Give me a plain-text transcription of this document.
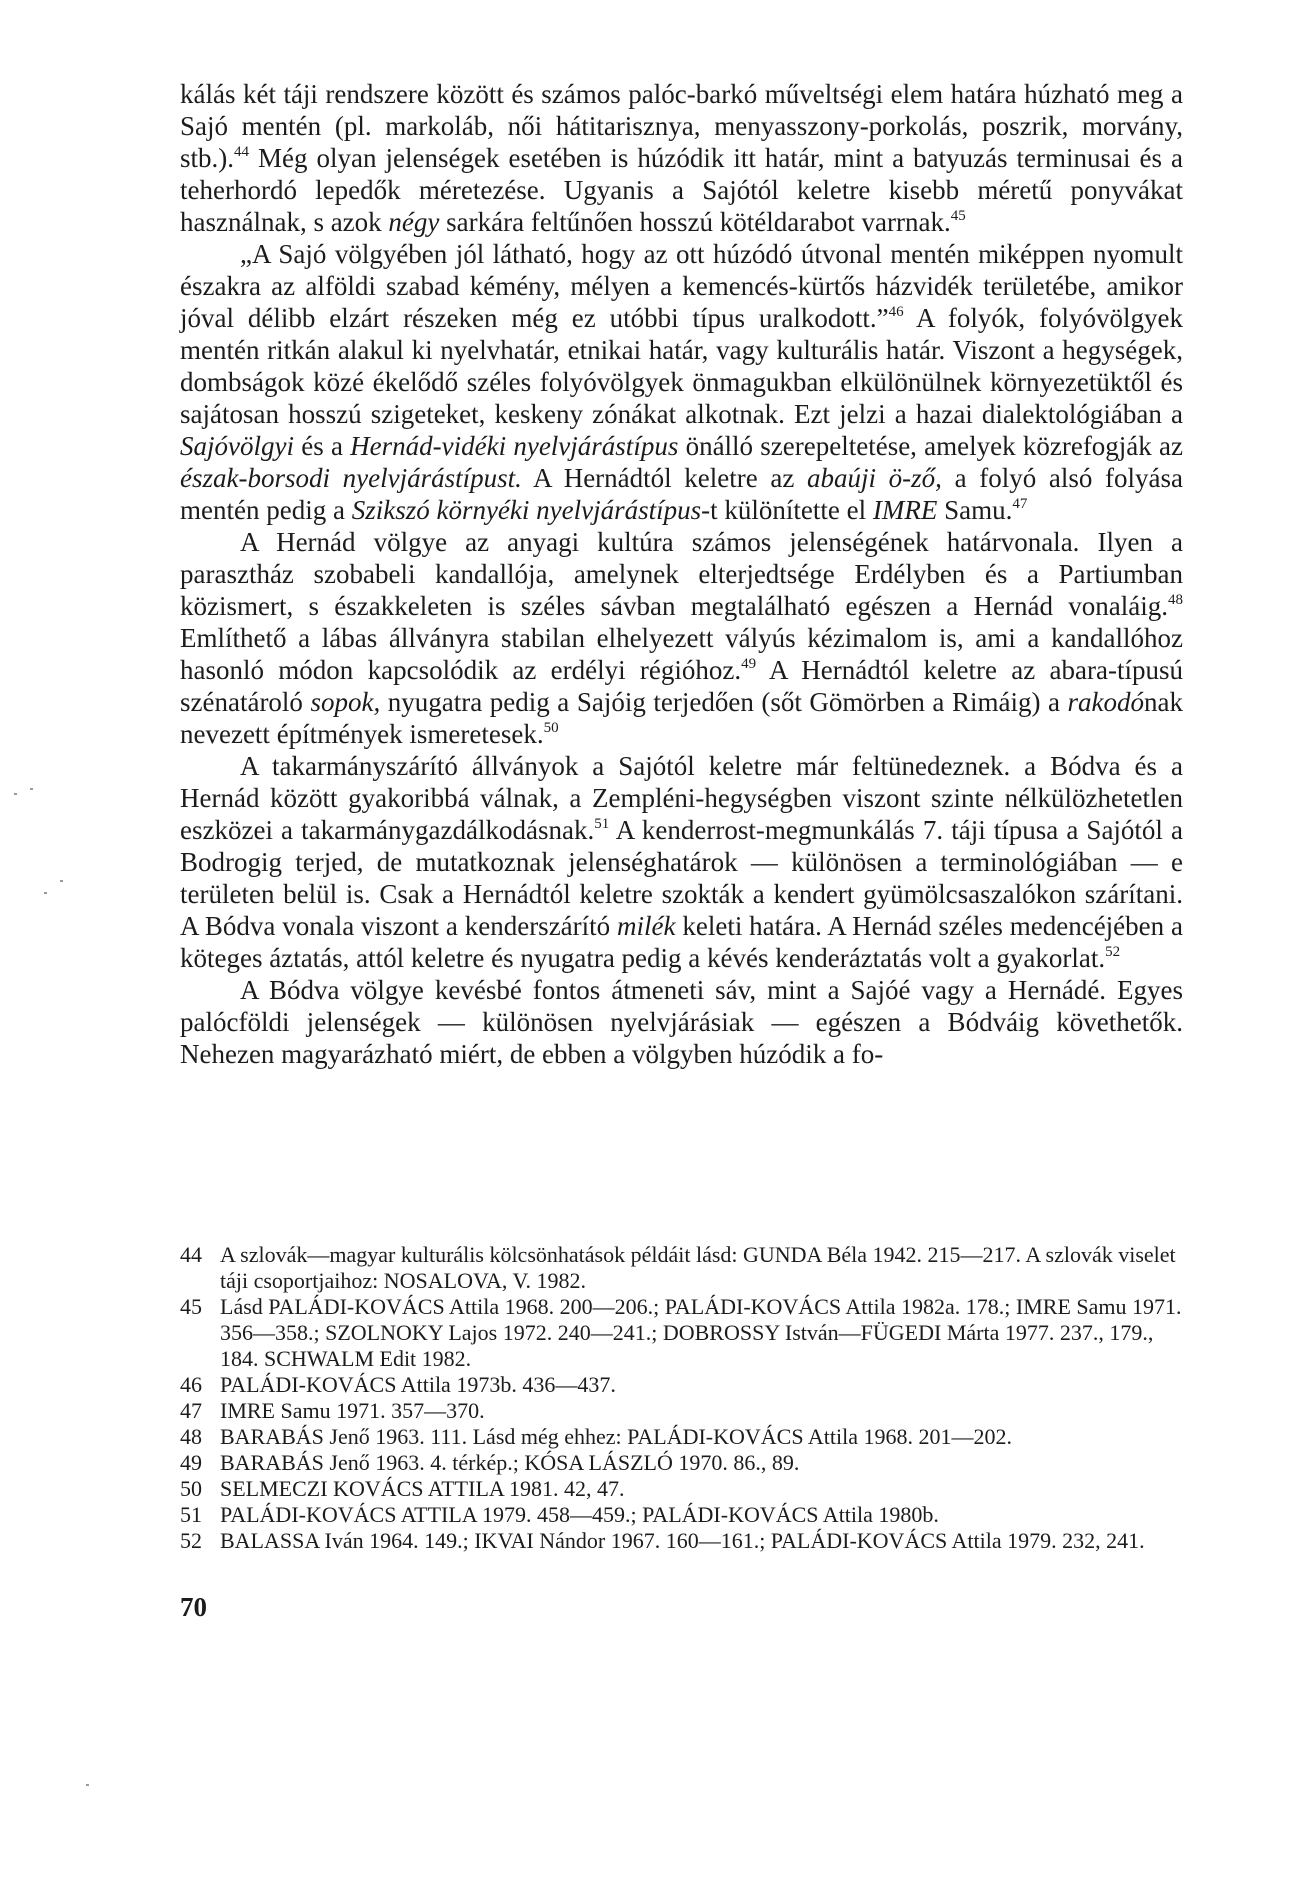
kálás két táji rendszere között és számos palóc-barkó műveltségi elem határa húzható meg a Sajó mentén (pl. markoláb, női hátitarisznya, menyasszony-porkolás, poszrik, morvány, stb.).$^{44}$ Még olyan jelenségek esetében is húzódik itt határ, mint a batyuzás terminusai és a teherhordó lepedők méretezése. Ugyanis a Sajótól keletre kisebb méretű ponyvákat használnak, s azok négy sarkára feltűnően hosszú kötéldarabot varrnak.$^{45}$

„A Sajó völgyében jól látható, hogy az ott húzódó útvonal mentén miképpen nyomult északra az alföldi szabad kémény, mélyen a kemencés-kürtős házvidék területébe, amikor jóval délibb elzárt részeken még ez utóbbi típus uralkodott.”$^{46}$ A folyók, folyóvölgyek mentén ritkán alakul ki nyelvhatár, etnikai határ, vagy kulturális határ. Viszont a hegységek, dombságok közé ékelődő széles folyóvölgyek önmagukban elkülönülnek környezetüktől és sajátosan hosszú szigeteket, keskeny zónákat alkotnak. Ezt jelzi a hazai dialektológiában a Sajóvölgyi és a Hernád-vidéki nyelvjárástípus önálló szerepeltetése, amelyek közrefogják az észak-borsodi nyelvjárástípust. A Hernádtól keletre az abaúji ö-ző, a folyó alsó folyása mentén pedig a Szikszó környéki nyelvjárástípus-t különítette el IMRE Samu.$^{47}$

A Hernád völgye az anyagi kultúra számos jelenségének határvonala. Ilyen a parasztház szobabeli kandallója, amelynek elterjedtsége Erdélyben és a Partiumban közismert, s északkeleten is széles sávban megtalálható egészen a Hernád vonaláig.$^{48}$ Említhető a lábas állványra stabilan elhelyezett vályús kézimalom is, ami a kandallóhoz hasonló módon kapcsolódik az erdélyi régióhoz.$^{49}$ A Hernádtól keletre az abara-típusú szénatároló sopok, nyugatra pedig a Sajóig terjedően (sőt Gömörben a Rimáig) a rakodónak nevezett építmények ismeretesek.$^{50}$

A takarmányszárító állványok a Sajótól keletre már feltünedeznek. a Bódva és a Hernád között gyakoribbá válnak, a Zempléni-hegységben viszont szinte nélkülözhetetlen eszközei a takarmánygazdálkodásnak.$^{51}$ A kenderrost-megmunkálás 7. táji típusa a Sajótól a Bodrogig terjed, de mutatkoznak jelenséghatárok — különösen a terminológiában — e területen belül is. Csak a Hernádtól keletre szokták a kendert gyümölcsaszalókon szárítani. A Bódva vonala viszont a kenderszárító milék keleti határa. A Hernád széles medencéjében a köteges áztatás, attól keletre és nyugatra pedig a kévés kenderáztatás volt a gyakorlat.$^{52}$

A Bódva völgye kevésbé fontos átmeneti sáv, mint a Sajóé vagy a Hernádé. Egyes palócföldi jelenségek — különösen nyelvjárásiak — egészen a Bódváig követhetők. Nehezen magyarázható miért, de ebben a völgyben húzódik a fo-

44 A szlovák—magyar kulturális kölcsönhatások példáit lásd: GUNDA Béla 1942. 215—217. A szlovák viselet táji csoportjaihoz: NOSALOVA, V. 1982.
45 Lásd PALÁDI-KOVÁCS Attila 1968. 200—206.; PALÁDI-KOVÁCS Attila 1982a. 178.; IMRE Samu 1971. 356—358.; SZOLNOKY Lajos 1972. 240—241.; DOBROSSY István—FÜGEDI Márta 1977. 237., 179., 184. SCHWALM Edit 1982.
46 PALÁDI-KOVÁCS Attila 1973b. 436—437.
47 IMRE Samu 1971. 357—370.
48 BARABÁS Jenő 1963. 111. Lásd még ehhez: PALÁDI-KOVÁCS Attila 1968. 201—202.
49 BARABÁS Jenő 1963. 4. térkép.; KÓSA LÁSZLÓ 1970. 86., 89.
50 SELMECZI KOVÁCS ATTILA 1981. 42, 47.
51 PALÁDI-KOVÁCS ATTILA 1979. 458—459.; PALÁDI-KOVÁCS Attila 1980b.
52 BALASSA Iván 1964. 149.; IKVAI Nándor 1967. 160—161.; PALÁDI-KOVÁCS Attila 1979. 232, 241.
70
